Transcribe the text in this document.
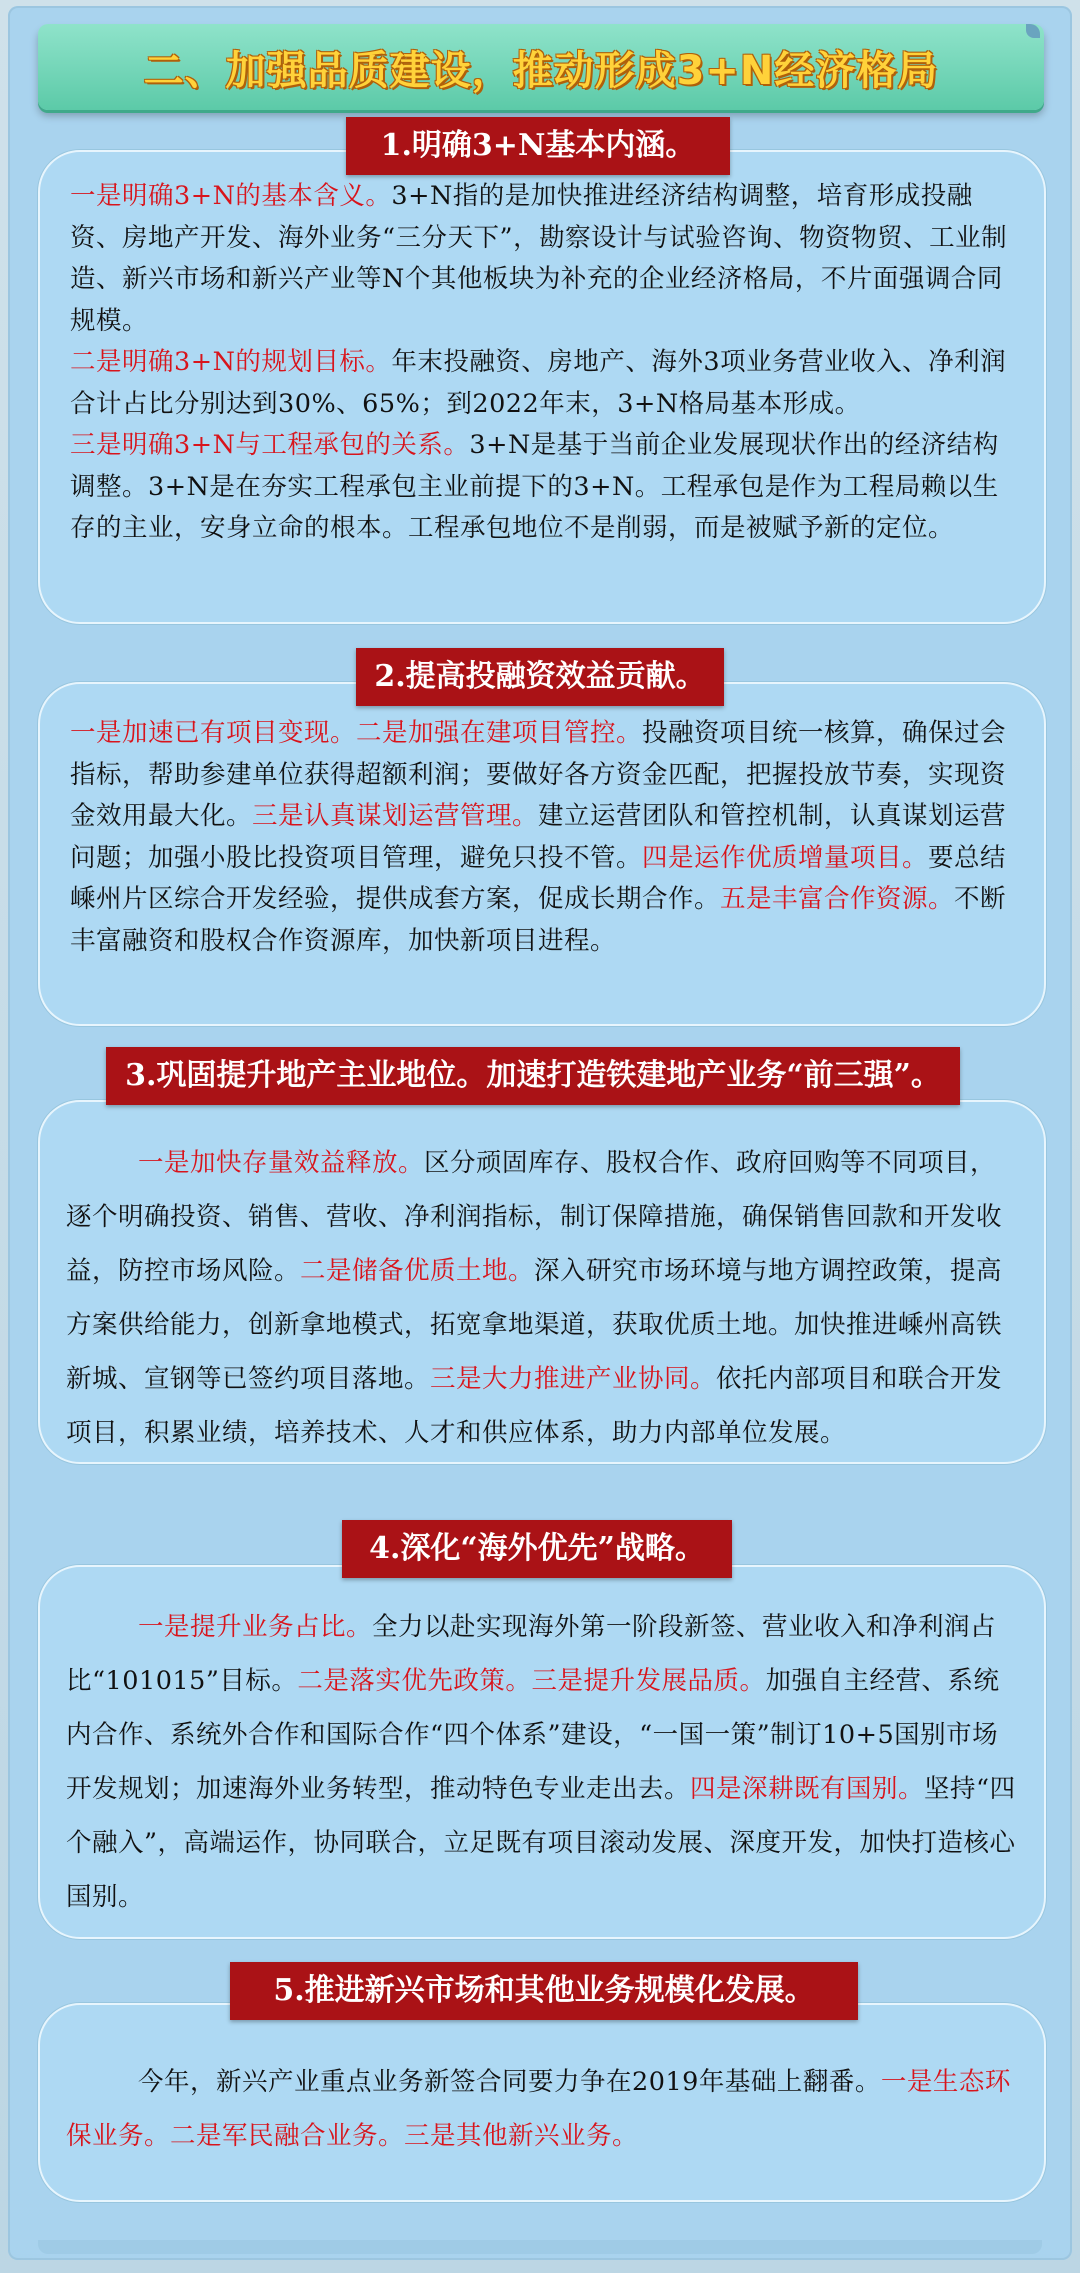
二、加强品质建设，推动形成3+N经济格局
1.明确3+N基本内涵。
一是明确3+N的基本含义。3+N指的是加快推进经济结构调整，培育形成投融资、房地产开发、海外业务“三分天下”，勘察设计与试验咨询、物资物贸、工业制造、新兴市场和新兴产业等N个其他板块为补充的企业经济格局，不片面强调合同规模。
二是明确3+N的规划目标。年末投融资、房地产、海外3项业务营业收入、净利润合计占比分别达到30%、65%；到2022年末，3+N格局基本形成。
三是明确3+N与工程承包的关系。3+N是基于当前企业发展现状作出的经济结构调整。3+N是在夯实工程承包主业前提下的3+N。工程承包是作为工程局赖以生存的主业，安身立命的根本。工程承包地位不是削弱，而是被赋予新的定位。
2.提高投融资效益贡献。
一是加速已有项目变现。二是加强在建项目管控。投融资项目统一核算，确保过会指标，帮助参建单位获得超额利润；要做好各方资金匹配，把握投放节奏，实现资金效用最大化。三是认真谋划运营管理。建立运营团队和管控机制，认真谋划运营问题；加强小股比投资项目管理，避免只投不管。四是运作优质增量项目。要总结嵊州片区综合开发经验，提供成套方案，促成长期合作。五是丰富合作资源。不断丰富融资和股权合作资源库，加快新项目进程。
3.巩固提升地产主业地位。加速打造铁建地产业务“前三强”。
一是加快存量效益释放。区分顽固库存、股权合作、政府回购等不同项目，逐个明确投资、销售、营收、净利润指标，制订保障措施，确保销售回款和开发收益，防控市场风险。二是储备优质土地。深入研究市场环境与地方调控政策，提高方案供给能力，创新拿地模式，拓宽拿地渠道，获取优质土地。加快推进嵊州高铁新城、宣钢等已签约项目落地。三是大力推进产业协同。依托内部项目和联合开发项目，积累业绩，培养技术、人才和供应体系，助力内部单位发展。
4.深化“海外优先”战略。
一是提升业务占比。全力以赴实现海外第一阶段新签、营业收入和净利润占比“101015”目标。二是落实优先政策。三是提升发展品质。加强自主经营、系统内合作、系统外合作和国际合作“四个体系”建设，“一国一策”制订10+5国别市场开发规划；加速海外业务转型，推动特色专业走出去。四是深耕既有国别。坚持“四个融入”，高端运作，协同联合，立足既有项目滚动发展、深度开发，加快打造核心国别。
5.推进新兴市场和其他业务规模化发展。
今年，新兴产业重点业务新签合同要力争在2019年基础上翻番。一是生态环保业务。二是军民融合业务。三是其他新兴业务。
